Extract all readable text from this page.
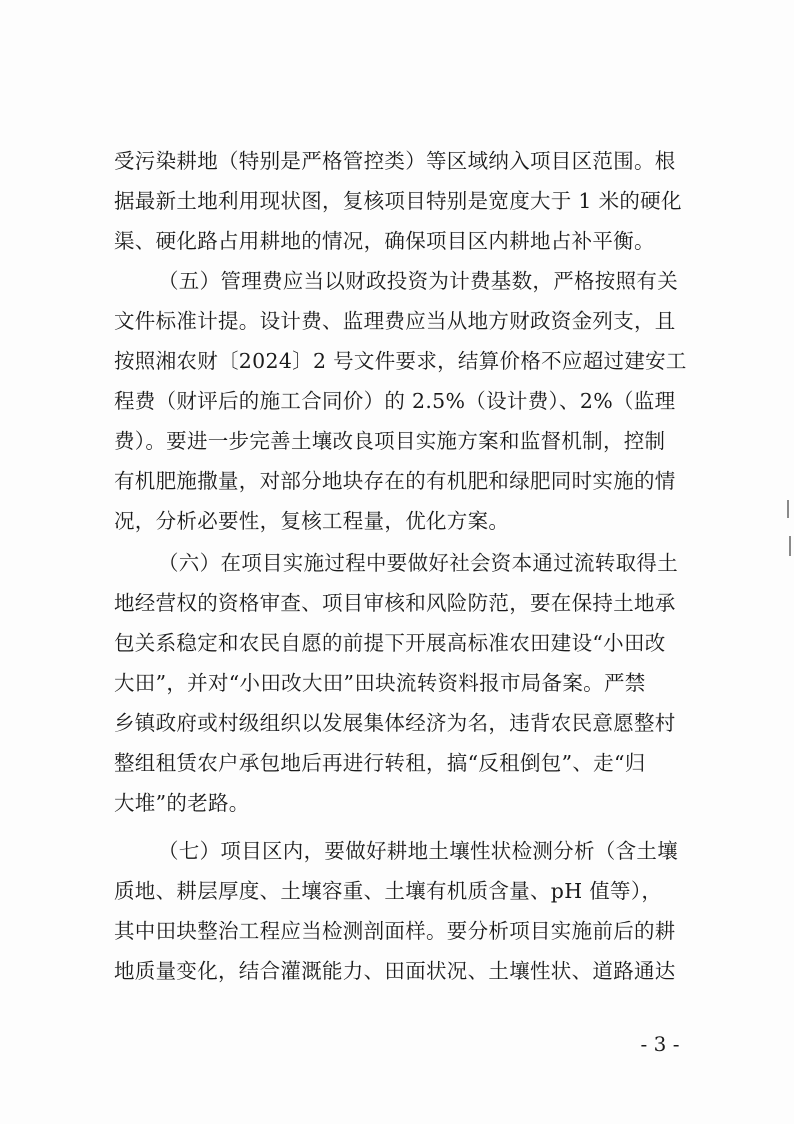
受污染耕地（特别是严格管控类）等区域纳入项目区范围。根
据最新土地利用现状图，复核项目特别是宽度大于 1 米的硬化
渠、硬化路占用耕地的情况，确保项目区内耕地占补平衡。
（五）管理费应当以财政投资为计费基数，严格按照有关
文件标准计提。设计费、监理费应当从地方财政资金列支，且
按照湘农财〔2024〕2 号文件要求，结算价格不应超过建安工
程费（财评后的施工合同价）的 2.5%（设计费）、2%（监理
费）。要进一步完善土壤改良项目实施方案和监督机制，控制
有机肥施撒量，对部分地块存在的有机肥和绿肥同时实施的情
况，分析必要性，复核工程量，优化方案。
（六）在项目实施过程中要做好社会资本通过流转取得土
地经营权的资格审查、项目审核和风险防范，要在保持土地承
包关系稳定和农民自愿的前提下开展高标准农田建设“小田改
大田”，并对“小田改大田”田块流转资料报市局备案。严禁
乡镇政府或村级组织以发展集体经济为名，违背农民意愿整村
整组租赁农户承包地后再进行转租，搞“反租倒包”、走“归
大堆”的老路。
（七）项目区内，要做好耕地土壤性状检测分析（含土壤
质地、耕层厚度、土壤容重、土壤有机质含量、pH 值等），
其中田块整治工程应当检测剖面样。要分析项目实施前后的耕
地质量变化，结合灌溉能力、田面状况、土壤性状、道路通达
- 3 -
